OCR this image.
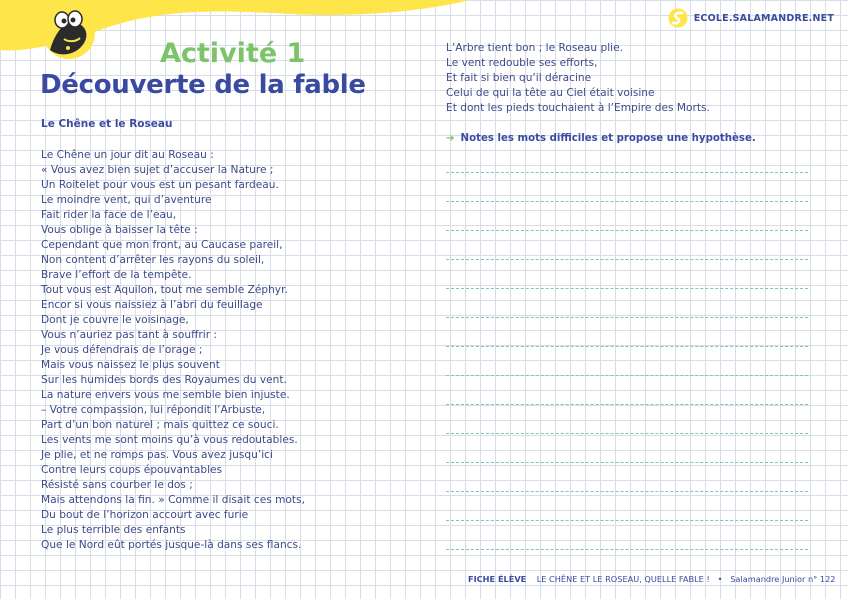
ECOLE.SALAMANDRE.NET
Activité 1
Découverte de la fable
Le Chêne et le Roseau
Le Chêne un jour dit au Roseau :
« Vous avez bien sujet d’accuser la Nature ;
Un Roitelet pour vous est un pesant fardeau.
Le moindre vent, qui d’aventure
Fait rider la face de l’eau,
Vous oblige à baisser la tête :
Cependant que mon front, au Caucase pareil,
Non content d’arrêter les rayons du soleil,
Brave l’effort de la tempête.
Tout vous est Aquilon, tout me semble Zéphyr.
Encor si vous naissiez à l’abri du feuillage
Dont je couvre le voisinage,
Vous n’auriez pas tant à souffrir :
Je vous défendrais de l’orage ;
Mais vous naissez le plus souvent
Sur les humides bords des Royaumes du vent.
La nature envers vous me semble bien injuste.
– Votre compassion, lui répondit l’Arbuste,
Part d’un bon naturel ; mais quittez ce souci.
Les vents me sont moins qu’à vous redoutables.
Je plie, et ne romps pas. Vous avez jusqu’ici
Contre leurs coups épouvantables
Résisté sans courber le dos ;
Mais attendons la fin. » Comme il disait ces mots,
Du bout de l’horizon accourt avec furie
Le plus terrible des enfants
Que le Nord eût portés jusque-là dans ses flancs.
L’Arbre tient bon ; le Roseau plie.
Le vent redouble ses efforts,
Et fait si bien qu’il déracine
Celui de qui la tête au Ciel était voisine
Et dont les pieds touchaient à l’Empire des Morts.
➔ Notes les mots difficiles et propose une hypothèse.
FICHE ÉLÈVE LE CHÊNE ET LE ROSEAU, QUELLE FABLE ! • Salamandre Junior n° 122
